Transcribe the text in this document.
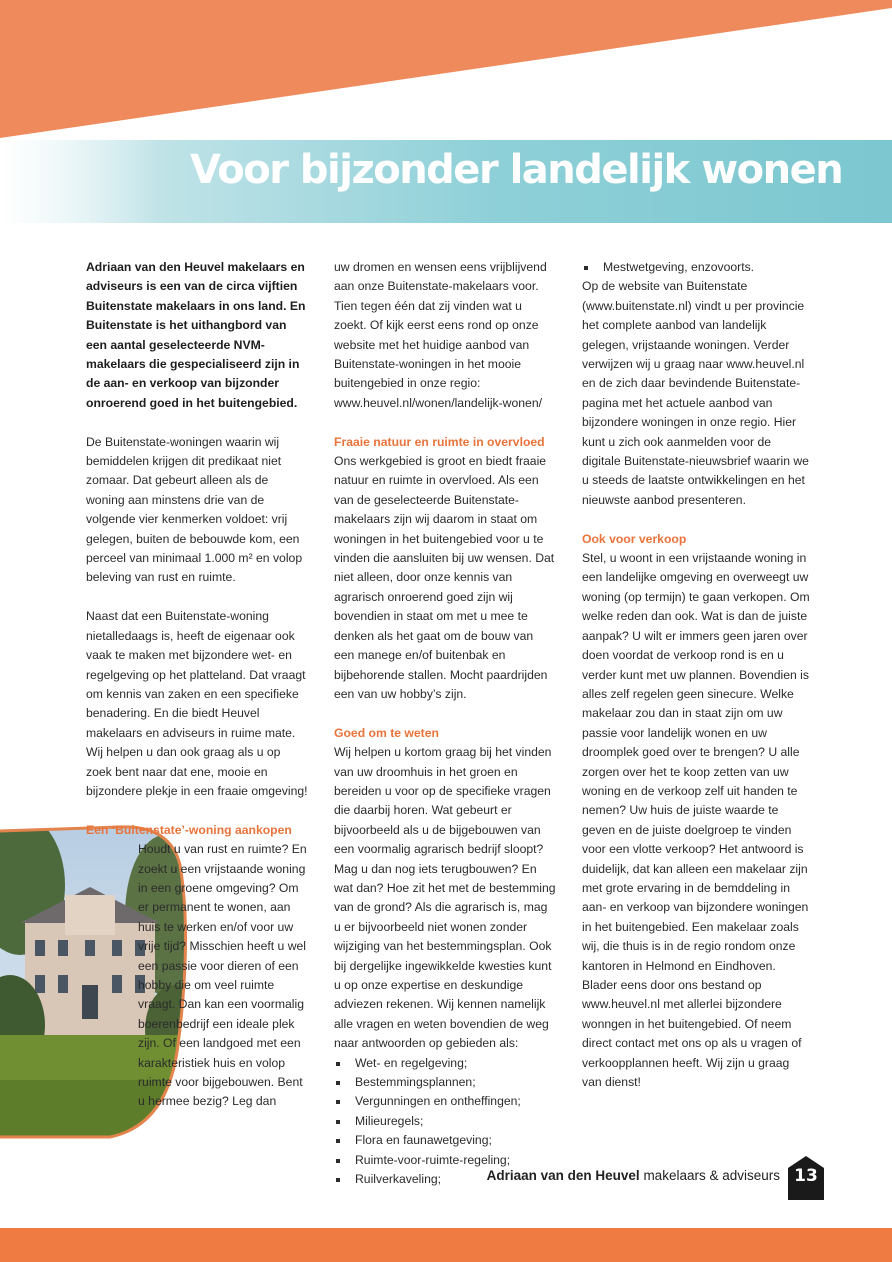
Voor bijzonder landelijk wonen

Adriaan van den Heuvel makelaars en adviseurs is een van de circa vijftien Buitenstate makelaars in ons land. En Buitenstate is het uithangbord van een aantal geselecteerde NVM-makelaars die gespecialiseerd zijn in de aan- en verkoop van bijzonder onroerend goed in het buitengebied.

De Buitenstate-woningen waarin wij bemiddelen krijgen dit predikaat niet zomaar. Dat gebeurt alleen als de woning aan minstens drie van de volgende vier kenmerken voldoet: vrij gelegen, buiten de bebouwde kom, een perceel van minimaal 1.000 m² en volop beleving van rust en ruimte.

Naast dat een Buitenstate-woning nietalledaags is, heeft de eigenaar ook vaak te maken met bijzondere wet- en regelgeving op het platteland. Dat vraagt om kennis van zaken en een specifieke benadering. En die biedt Heuvel makelaars en adviseurs in ruime mate. Wij helpen u dan ook graag als u op zoek bent naar dat ene, mooie en bijzondere plekje in een fraaie omgeving!

Een ‘Buitenstate’-woning aankopen

Houdt u van rust en ruimte? En zoekt u een vrijstaande woning in een groene omgeving? Om er permanent te wonen, aan huis te werken en/of voor uw vrije tijd? Misschien heeft u wel een passie voor dieren of een hobby die om veel ruimte vraagt. Dan kan een voormalig boerenbedrijf een ideale plek zijn. Of een landgoed met een karakteristiek huis en volop ruimte voor bijgebouwen. Bent u hermee bezig? Leg dan

uw dromen en wensen eens vrijblijvend aan onze Buitenstate-makelaars voor. Tien tegen één dat zij vinden wat u zoekt. Of kijk eerst eens rond op onze website met het huidige aanbod van Buitenstate-woningen in het mooie buitengebied in onze regio: www.heuvel.nl/wonen/landelijk-wonen/

Fraaie natuur en ruimte in overvloed

Ons werkgebied is groot en biedt fraaie natuur en ruimte in overvloed. Als een van de geselecteerde Buitenstate-makelaars zijn wij daarom in staat om woningen in het buitengebied voor u te vinden die aansluiten bij uw wensen. Dat niet alleen, door onze kennis van agrarisch onroerend goed zijn wij bovendien in staat om met u mee te denken als het gaat om de bouw van een manege en/of buitenbak en bijbehorende stallen. Mocht paardrijden een van uw hobby’s zijn.

Goed om te weten

Wij helpen u kortom graag bij het vinden van uw droomhuis in het groen en bereiden u voor op de specifieke vragen die daarbij horen. Wat gebeurt er bijvoorbeeld als u de bijgebouwen van een voormalig agrarisch bedrijf sloopt? Mag u dan nog iets terugbouwen? En wat dan? Hoe zit het met de bestemming van de grond? Als die agrarisch is, mag u er bijvoorbeeld niet wonen zonder wijziging van het bestemmingsplan. Ook bij dergelijke ingewikkelde kwesties kunt u op onze expertise en deskundige adviezen rekenen. Wij kennen namelijk alle vragen en weten bovendien de weg naar antwoorden op gebieden als:

Wet- en regelgeving;
Bestemmingsplannen;
Vergunningen en ontheffingen;
Milieuregels;
Flora en faunawetgeving;
Ruimte-voor-ruimte-regeling;
Ruilverkaveling;
Mestwetgeving, enzovoorts.

Op de website van Buitenstate (www.buitenstate.nl) vindt u per provincie het complete aanbod van landelijk gelegen, vrijstaande woningen. Verder verwijzen wij u graag naar www.heuvel.nl en de zich daar bevindende Buitenstate-pagina met het actuele aanbod van bijzondere woningen in onze regio. Hier kunt u zich ook aanmelden voor de digitale Buitenstate-nieuwsbrief waarin we u steeds de laatste ontwikkelingen en het nieuwste aanbod presenteren.

Ook voor verkoop

Stel, u woont in een vrijstaande woning in een landelijke omgeving en overweegt uw woning (op termijn) te gaan verkopen. Om welke reden dan ook. Wat is dan de juiste aanpak? U wilt er immers geen jaren over doen voordat de verkoop rond is en u verder kunt met uw plannen. Bovendien is alles zelf regelen geen sinecure. Welke makelaar zou dan in staat zijn om uw passie voor landelijk wonen en uw droomplek goed over te brengen? U alle zorgen over het te koop zetten van uw woning en de verkoop zelf uit handen te nemen? Uw huis de juiste waarde te geven en de juiste doelgroep te vinden voor een vlotte verkoop? Het antwoord is duidelijk, dat kan alleen een makelaar zijn met grote ervaring in de bemddeling in aan- en verkoop van bijzondere woningen in het buitengebied. Een makelaar zoals wij, die thuis is in de regio rondom onze kantoren in Helmond en Eindhoven. Blader eens door ons bestand op www.heuvel.nl met allerlei bijzondere wonngen in het buitengebied. Of neem direct contact met ons op als u vragen of verkoopplannen heeft. Wij zijn u graag van dienst!

Adriaan van den Heuvel makelaars & adviseurs 13
